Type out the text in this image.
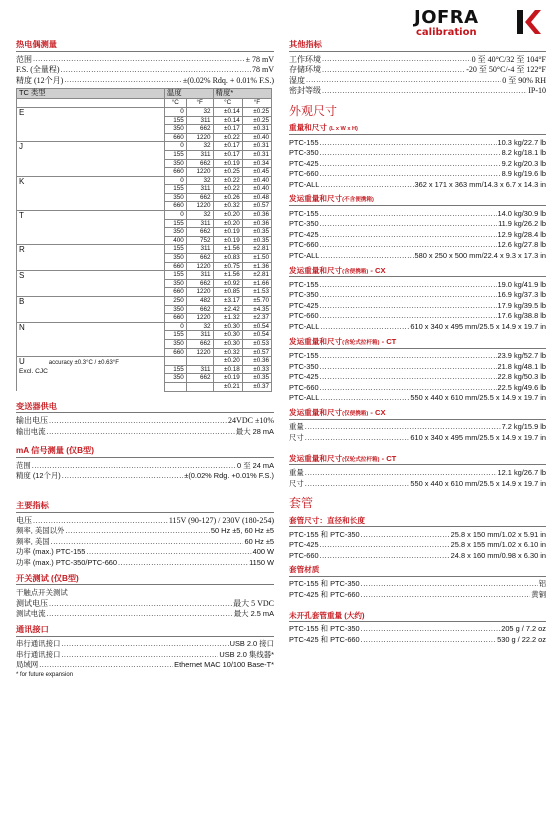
JOFRA
calibration
热电偶测量
范围 .....	± 78 mV
F.S. (全量程) .....	78 mV
精度 (12个月) .....	±(0.02% Rdq. + 0.01% F.S.)
TC 类型	温度		精度*	
	°C	°F	°C	°F
E	0	32	±0.14	±0.25
	155	311	±0.14	±0.25
	350	662	±0.17	±0.31
	660	1220	±0.22	±0.40
J	0	32	±0.17	±0.31
	155	311	±0.17	±0.31
	350	662	±0.19	±0.34
	660	1220	±0.25	±0.45
K	0	32	±0.22	±0.40
	155	311	±0.22	±0.40
	350	662	±0.26	±0.48
	660	1220	±0.32	±0.57
T	0	32	±0.20	±0.36
	155	311	±0.20	±0.36
	350	662	±0.19	±0.35
	400	752	±0.19	±0.35
R	155	311	±1.56	±2.81
	350	662	±0.83	±1.50
	660	1220	±0.75	±1.36
S	155	311	±1.56	±2.81
	350	662	±0.92	±1.66
	660	1220	±0.85	±1.53
B	250	482	±3.17	±5.70
	350	662	±2.42	±4.35
	660	1220	±1.32	±2.37
N	0	32	±0.30	±0.54
	155	311	±0.30	±0.54
	350	662	±0.30	±0.53
	660	1220	±0.32	±0.57
U accuracy ±0.3°C / ±0.63°F
Excl. CJC			±0.20	±0.36
	155	311	±0.18	±0.33
	350	662	±0.19	±0.35
			±0.21	±0.37
变送器供电
输出电压 .....	24VDC ±10%
输出电流 .....	最大 28 mA
mA 信号测量 (仅B型)
范围 .....	0 至 24 mA
精度 (12个月) .....	±(0.02% Rdg. +0.01% F.S.)
主要指标
电压 .....	115V (90-127) / 230V (180-254)
频率, 美国以外 .....	50 Hz ±5, 60 Hz ±5
频率, 美国 .....	60 Hz ±5
功率 (max.) PTC-155 .....	400 W
功率 (max.) PTC-350/PTC-660 .....	1150 W
开关测试 (仅B型)
干触点开关测试
测试电压 .....	最大 5 VDC
测试电流 .....	最大 2.5 mA
通讯接口
串行通讯接口 .....	USB 2.0 接口
串行通讯接口 .....	USB 2.0 集线器*
局域网 .....	Ethernet MAC 10/100 Base-T*
* for future expansion
其他指标
工作环境 .....	0 至 40°C/32 至 104°F
存储环境 .....	-20 至 50°C/-4 至 122°F
湿度 .....	0 至 90% RH
密封等级 .....	IP-10
外观尺寸
重量和尺寸 (L x W x H)
PTC-155 .....	10.3 kg/22.7 lb
PTC-350 .....	8.2 kg/18.1 lb
PTC-425 .....	9.2 kg/20.3 lb
PTC-660 .....	8.9 kg/19.6 lb
PTC-ALL .....	362 x 171 x 363 mm/14.3 x 6.7 x 14.3 in
发运重量和尺寸(不含便携箱)
PTC-155 .....	14.0 kg/30.9 lb
PTC-350 .....	11.9 kg/26.2 lb
PTC-425 .....	12.9 kg/28.4 lb
PTC-660 .....	12.6 kg/27.8 lb
PTC-ALL .....	580 x 250 x 500 mm/22.4 x 9.3 x 17.3 in
发运重量和尺寸(含便携箱) - CX
PTC-155 .....	19.0 kg/41.9 lb
PTC-350 .....	16.9 kg/37.3 lb
PTC-425 .....	17.9 kg/39.5 lb
PTC-660 .....	17.6 kg/38.8 lb
PTC-ALL .....	610 x 340 x 495 mm/25.5 x 14.9 x 19.7 in
发运重量和尺寸(含轮式拉杆箱) - CT
PTC-155 .....	23.9 kg/52.7 lb
PTC-350 .....	21.8 kg/48.1 lb
PTC-425 .....	22.8 kg/50.3 lb
PTC-660 .....	22.5 kg/49.6 lb
PTC-ALL .....	550 x 440 x 610 mm/25.5 x 14.9 x 19.7 in
发运重量和尺寸(仅便携箱) - CX
重量 .....	7.2 kg/15.9 lb
尺寸 .....	610 x 340 x 495 mm/25.5 x 14.9 x 19.7 in
发运重量和尺寸(仅轮式拉杆箱) - CT
重量 .....	12.1 kg/26.7 lb
尺寸 .....	550 x 440 x 610 mm/25.5 x 14.9 x 19.7 in
套管
套管尺寸：直径和长度
PTC-155 和 PTC-350 .....	25.8 x 150 mm/1.02 x 5.91 in
PTC-425 .....	25.8 x 155 mm/1.02 x 6.10 in
PTC-660 .....	24.8 x 160 mm/0.98 x 6.30 in
套管材质
PTC-155 和 PTC-350 .....	铝
PTC-425 和 PTC-660 .....	黄铜
未开孔套管重量 (大约)
PTC-155 和 PTC-350 .....	205 g / 7.2 oz
PTC-425 和 PTC-660 .....	530 g / 22.2 oz
